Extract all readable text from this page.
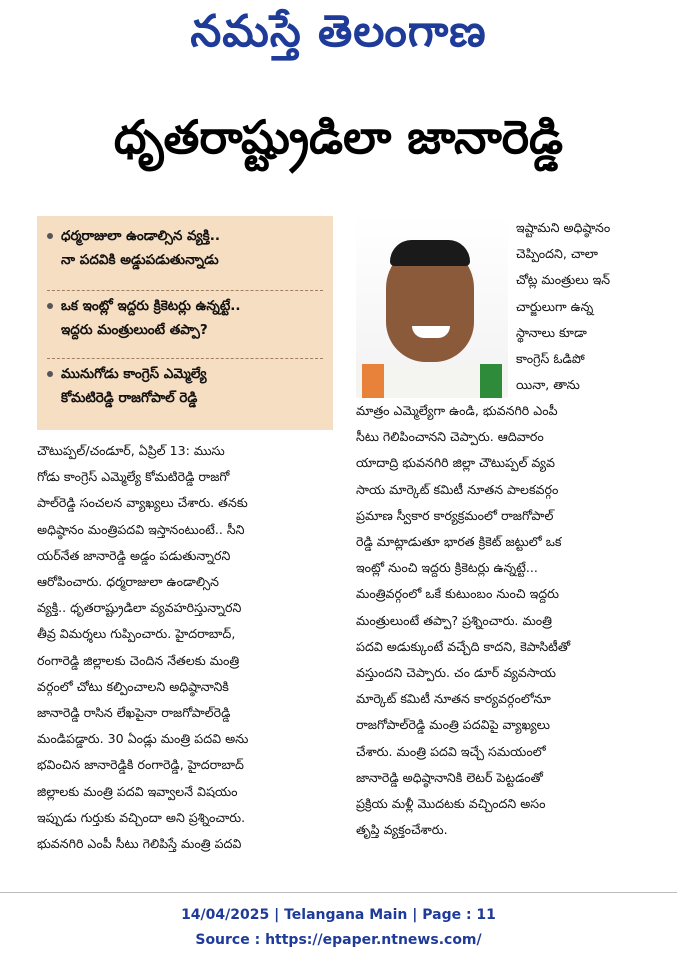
నమస్తే తెలంగాణ
ధృతరాష్ట్రుడిలా జానారెడ్డి
ధర్మరాజులా ఉండాల్సిన వ్యక్తి..
నా పదవికి అడ్డుపడుతున్నాడు
ఒక ఇంట్లో ఇద్దరు క్రికెటర్లు ఉన్నట్టే..
ఇద్దరు మంత్రులుంటే తప్పా?
మునుగోడు కాంగ్రెస్ ఎమ్మెల్యే
కోమటిరెడ్డి రాజగోపాల్ రెడ్డి

ఇష్టామని అధిష్ఠానం

చెప్పిందని, చాలా

చోట్ల మంత్రులు ఇన్

చార్జులుగా ఉన్న

స్థానాలు కూడా

కాంగ్రెస్ ఓడిపో

యినా, తాను

మాత్రం ఎమ్మెల్యేగా ఉండి, భువనగిరి ఎంపీ

సీటు గెలిపించానని చెప్పారు. ఆదివారం

యాదాద్రి భువనగిరి జిల్లా చౌటుప్పల్ వ్యవ

సాయ మార్కెట్ కమిటీ నూతన పాలకవర్గం

ప్రమాణ స్వీకార కార్యక్రమంలో రాజగోపాల్

రెడ్డి మాట్లాడుతూ భారత క్రికెట్ జట్టులో ఒక

ఇంట్లో నుంచి ఇద్దరు క్రికెటర్లు ఉన్నట్టే...

మంత్రివర్గంలో ఒకే కుటుంబం నుంచి ఇద్దరు

మంత్రులుంటే తప్పా? ప్రశ్నించారు. మంత్రి

పదవి అడుక్కుంటే వచ్చేది కాదని, కెపాసిటీతో

వస్తుందని చెప్పారు. చం డూర్ వ్యవసాయ

మార్కెట్ కమిటీ నూతన కార్యవర్గంలోనూ

రాజగోపాల్‌రెడ్డి మంత్రి పదవిపై వ్యాఖ్యలు

చేశారు. మంత్రి పదవి ఇచ్చే సమయంలో

జానారెడ్డి అధిష్ఠానానికి లెటర్ పెట్టడంతో

ప్రక్రియ మళ్లీ మొదటకు వచ్చిందని అసం

తృప్తి వ్యక్తంచేశారు.

చౌటుప్పల్/చండూర్, ఏప్రిల్ 13: ముసు

గోడు కాంగ్రెస్ ఎమ్మెల్యే కోమటిరెడ్డి రాజగో

పాల్‌రెడ్డి సంచలన వ్యాఖ్యలు చేశారు. తనకు

అధిష్ఠానం మంత్రిపదవి ఇస్తానంటుంటే.. సీని

యర్‌నేత జానారెడ్డి అడ్డం పడుతున్నారని

ఆరోపించారు. ధర్మరాజులా ఉండాల్సిన

వ్యక్తి.. ధృతరాష్ట్రుడిలా వ్యవహరిస్తున్నారని

తీవ్ర విమర్శలు గుప్పించారు. హైదరాబాద్,

రంగారెడ్డి జిల్లాలకు చెందిన నేతలకు మంత్రి

వర్గంలో చోటు కల్పించాలని అధిష్ఠానానికి

జానారెడ్డి రాసిన లేఖపైనా రాజగోపాల్‌రెడ్డి

మండిపడ్డారు. 30 ఏండ్లు మంత్రి పదవి అను

భవించిన జానారెడ్డికి రంగారెడ్డి, హైదరాబాద్

జిల్లాలకు మంత్రి పదవి ఇవ్వాలనే విషయం

ఇప్పుడు గుర్తుకు వచ్చిందా అని ప్రశ్నించారు.

భువనగిరి ఎంపీ సీటు గెలిపిస్తే మంత్రి పదవి

14/04/2025 | Telangana Main | Page : 11
Source : https://epaper.ntnews.com/
